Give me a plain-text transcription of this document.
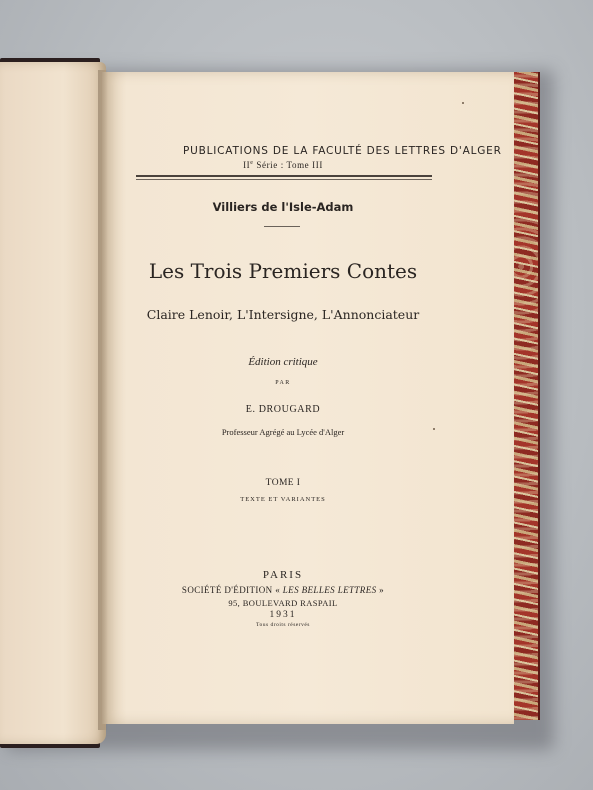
PUBLICATIONS DE LA FACULTÉ DES LETTRES D'ALGER
IIe Série : Tome III
Villiers de l'Isle-Adam
Les Trois Premiers Contes
Claire Lenoir, L'Intersigne, L'Annonciateur
Édition critique
PAR
E. DROUGARD
Professeur Agrégé au Lycée d'Alger
TOME I
TEXTE ET VARIANTES
PARIS
SOCIÉTÉ D'ÉDITION « LES BELLES LETTRES »
95, BOULEVARD RASPAIL
1931
Tous droits réservés
